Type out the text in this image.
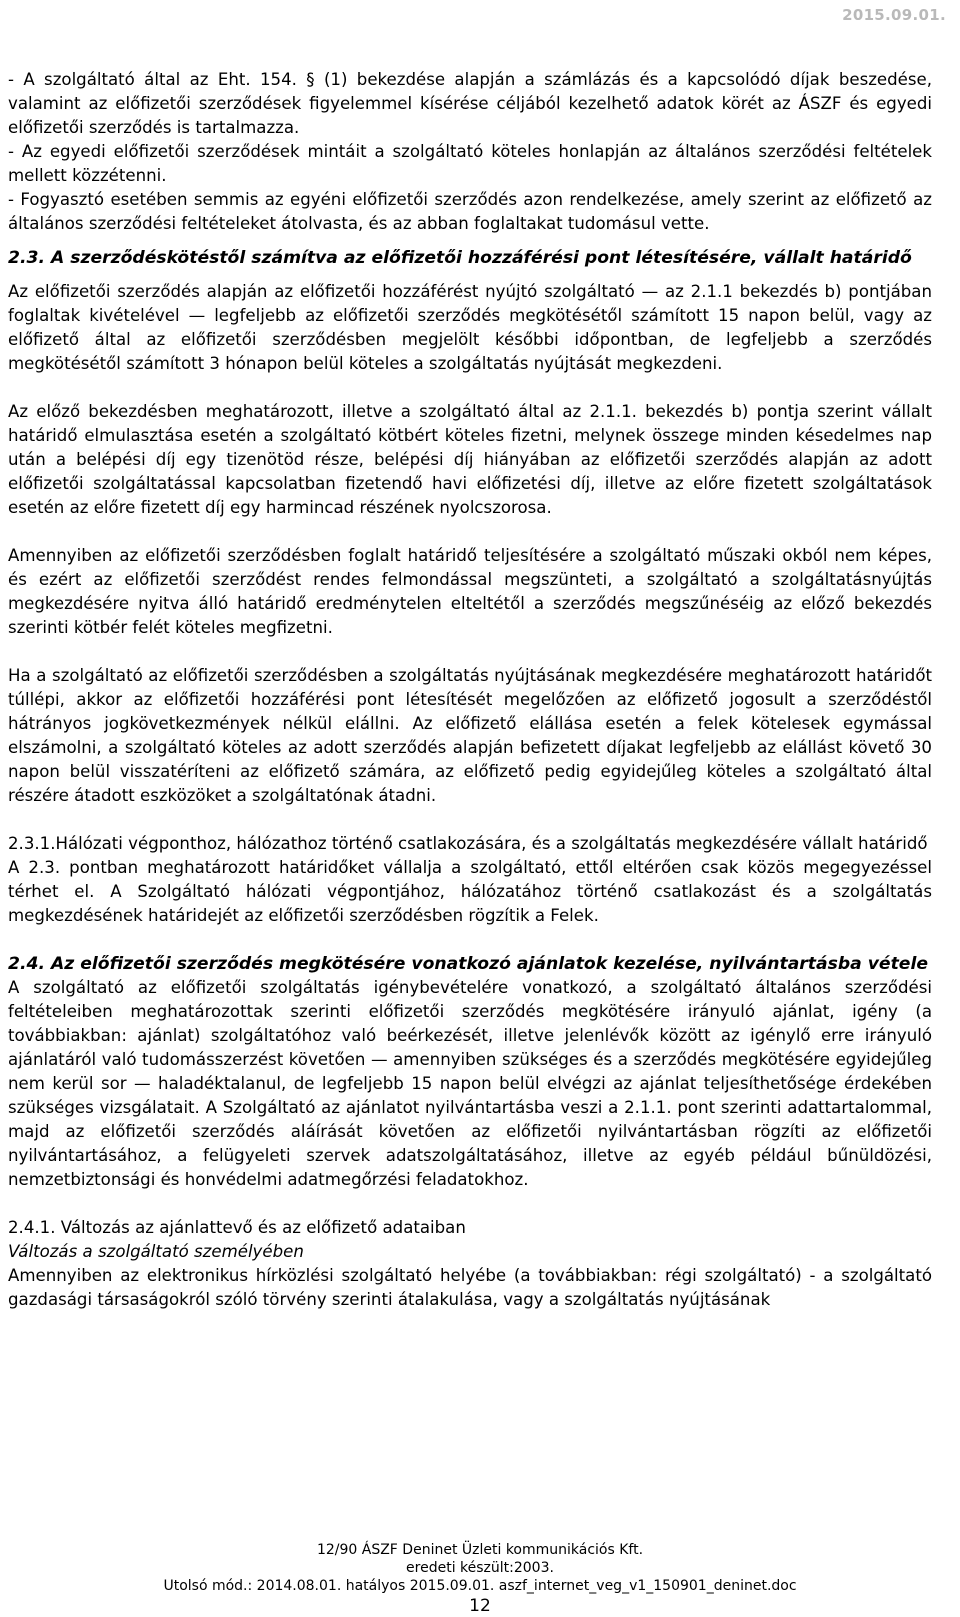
2015.09.01.

- A szolgáltató által az Eht. 154. § (1) bekezdése alapján a számlázás és a kapcsolódó díjak beszedése, valamint az előfizetői szerződések figyelemmel kísérése céljából kezelhető adatok körét az ÁSZF és egyedi előfizetői szerződés is tartalmazza.

- Az egyedi előfizetői szerződések mintáit a szolgáltató köteles honlapján az általános szerződési feltételek mellett közzétenni.

- Fogyasztó esetében semmis az egyéni előfizetői szerződés azon rendelkezése, amely szerint az előfizető az általános szerződési feltételeket átolvasta, és az abban foglaltakat tudomásul vette.

2.3. A szerződéskötéstől számítva az előfizetői hozzáférési pont létesítésére, vállalt határidő

Az előfizetői szerződés alapján az előfizetői hozzáférést nyújtó szolgáltató — az 2.1.1 bekezdés b) pontjában foglaltak kivételével — legfeljebb az előfizetői szerződés megkötésétől számított 15 napon belül, vagy az előfizető által az előfizetői szerződésben megjelölt későbbi időpontban, de legfeljebb a szerződés megkötésétől számított 3 hónapon belül köteles a szolgáltatás nyújtását megkezdeni.

Az előző bekezdésben meghatározott, illetve a szolgáltató által az 2.1.1. bekezdés b) pontja szerint vállalt határidő elmulasztása esetén a szolgáltató kötbért köteles fizetni, melynek összege minden késedelmes nap után a belépési díj egy tizenötöd része, belépési díj hiányában az előfizetői szerződés alapján az adott előfizetői szolgáltatással kapcsolatban fizetendő havi előfizetési díj, illetve az előre fizetett szolgáltatások esetén az előre fizetett díj egy harmincad részének nyolcszorosa.

Amennyiben az előfizetői szerződésben foglalt határidő teljesítésére a szolgáltató műszaki okból nem képes, és ezért az előfizetői szerződést rendes felmondással megszünteti, a szolgáltató a szolgáltatásnyújtás megkezdésére nyitva álló határidő eredménytelen elteltétől a szerződés megszűnéséig az előző bekezdés szerinti kötbér felét köteles megfizetni.

Ha a szolgáltató az előfizetői szerződésben a szolgáltatás nyújtásának megkezdésére meghatározott határidőt túllépi, akkor az előfizetői hozzáférési pont létesítését megelőzően az előfizető jogosult a szerződéstől hátrányos jogkövetkezmények nélkül elállni. Az előfizető elállása esetén a felek kötelesek egymással elszámolni, a szolgáltató köteles az adott szerződés alapján befizetett díjakat legfeljebb az elállást követő 30 napon belül visszatéríteni az előfizető számára, az előfizető pedig egyidejűleg köteles a szolgáltató által részére átadott eszközöket a szolgáltatónak átadni.

2.3.1.Hálózati végponthoz, hálózathoz történő csatlakozására, és a szolgáltatás megkezdésére vállalt határidő

A 2.3. pontban meghatározott határidőket vállalja a szolgáltató, ettől eltérően csak közös megegyezéssel térhet el. A Szolgáltató hálózati végpontjához, hálózatához történő csatlakozást és a szolgáltatás megkezdésének határidejét az előfizetői szerződésben rögzítik a Felek.

2.4. Az előfizetői szerződés megkötésére vonatkozó ajánlatok kezelése, nyilvántartásba vétele

A szolgáltató az előfizetői szolgáltatás igénybevételére vonatkozó, a szolgáltató általános szerződési feltételeiben meghatározottak szerinti előfizetői szerződés megkötésére irányuló ajánlat, igény (a továbbiakban: ajánlat) szolgáltatóhoz való beérkezését, illetve jelenlévők között az igénylő erre irányuló ajánlatáról való tudomásszerzést követően — amennyiben szükséges és a szerződés megkötésére egyidejűleg nem kerül sor — haladéktalanul, de legfeljebb 15 napon belül elvégzi az ajánlat teljesíthetősége érdekében szükséges vizsgálatait. A Szolgáltató az ajánlatot nyilvántartásba veszi a 2.1.1. pont szerinti adattartalommal, majd az előfizetői szerződés aláírását követően az előfizetői nyilvántartásban rögzíti az előfizetői nyilvántartásához, a felügyeleti szervek adatszolgáltatásához, illetve az egyéb például bűnüldözési, nemzetbiztonsági és honvédelmi adatmegőrzési feladatokhoz.

2.4.1. Változás az ajánlattevő és az előfizető adataiban

Változás a szolgáltató személyében

Amennyiben az elektronikus hírközlési szolgáltató helyébe (a továbbiakban: régi szolgáltató) - a szolgáltató gazdasági társaságokról szóló törvény szerinti átalakulása, vagy a szolgáltatás nyújtásának

12/90 ÁSZF Deninet Üzleti kommunikációs Kft.
eredeti készült:2003.
Utolsó mód.: 2014.08.01. hatályos 2015.09.01. aszf_internet_veg_v1_150901_deninet.doc
12
